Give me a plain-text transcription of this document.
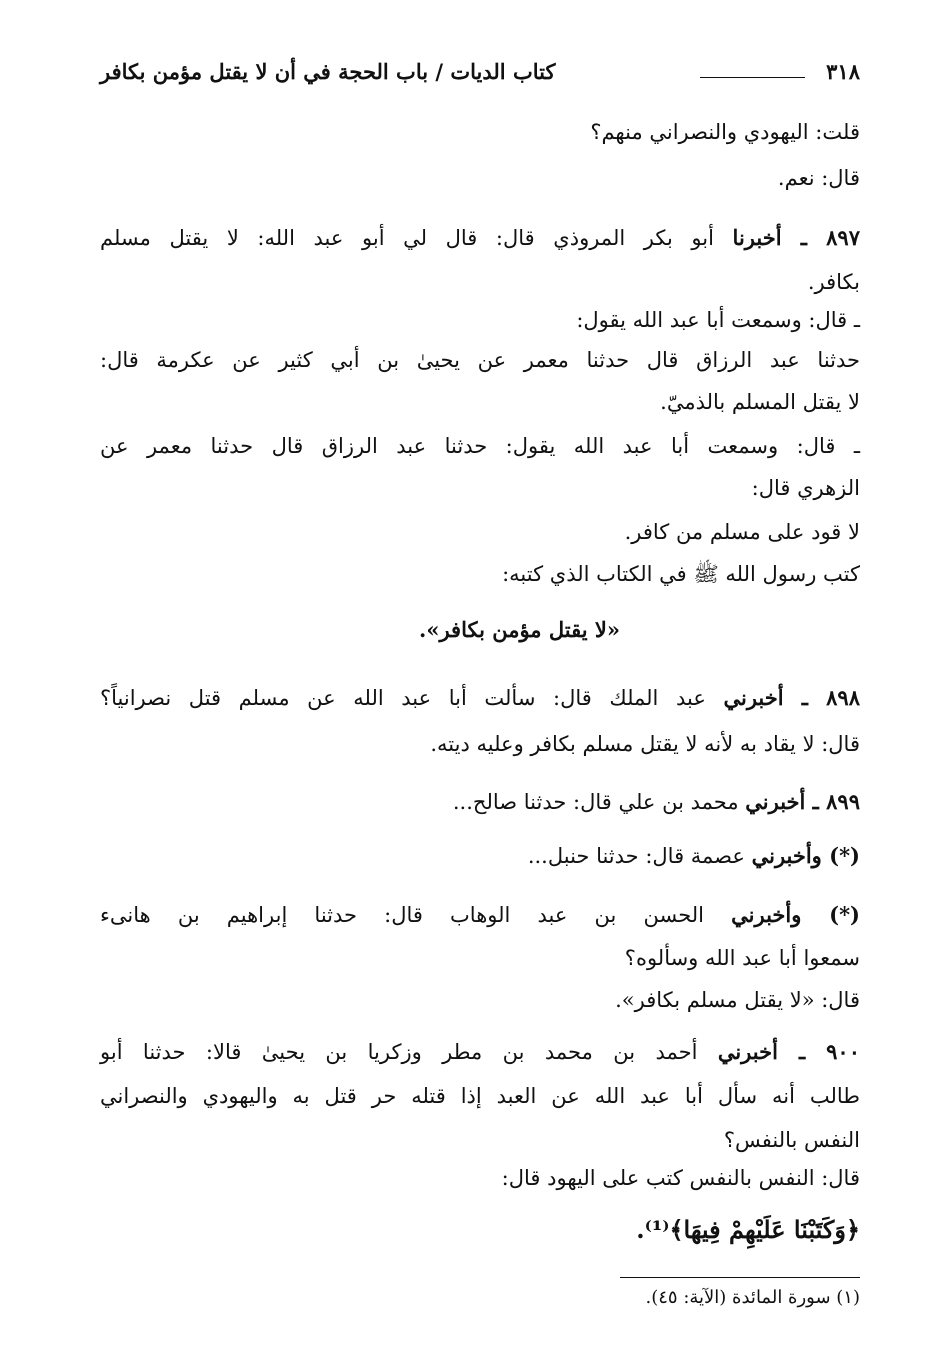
٣١٨
كتاب الديات / باب الحجة في أن لا يقتل مؤمن بكافر
قلت: اليهودي والنصراني منهم؟
قال: نعم.
٨٩٧ ـ أخبرنا أبو بكر المروذي قال: قال لي أبو عبد الله: لا يقتل مسلم
بكافر.
ـ قال: وسمعت أبا عبد الله يقول:
حدثنا عبد الرزاق قال حدثنا معمر عن يحيىٰ بن أبي كثير عن عكرمة قال:
لا يقتل المسلم بالذميّ.
ـ قال: وسمعت أبا عبد الله يقول: حدثنا عبد الرزاق قال حدثنا معمر عن
الزهري قال:
لا قود على مسلم من كافر.
كتب رسول الله ﷺ في الكتاب الذي كتبه:
«لا يقتل مؤمن بكافر».
٨٩٨ ـ أخبرني عبد الملك قال: سألت أبا عبد الله عن مسلم قتل نصرانياً؟
قال: لا يقاد به لأنه لا يقتل مسلم بكافر وعليه ديته.
٨٩٩ ـ أخبرني محمد بن علي قال: حدثنا صالح...
(*) وأخبرني عصمة قال: حدثنا حنبل...
(*) وأخبرني الحسن بن عبد الوهاب قال: حدثنا إبراهيم بن هانىء
سمعوا أبا عبد الله وسألوه؟
قال: «لا يقتل مسلم بكافر».
٩٠٠ ـ أخبرني أحمد بن محمد بن مطر وزكريا بن يحيىٰ قالا: حدثنا أبو
طالب أنه سأل أبا عبد الله عن العبد إذا قتله حر قتل به واليهودي والنصراني
النفس بالنفس؟
قال: النفس بالنفس كتب على اليهود قال:
﴿وَكَتَبْنَا عَلَيْهِمْ فِيهَا﴾⁽¹⁾.
(١) سورة المائدة (الآية: ٤٥).
